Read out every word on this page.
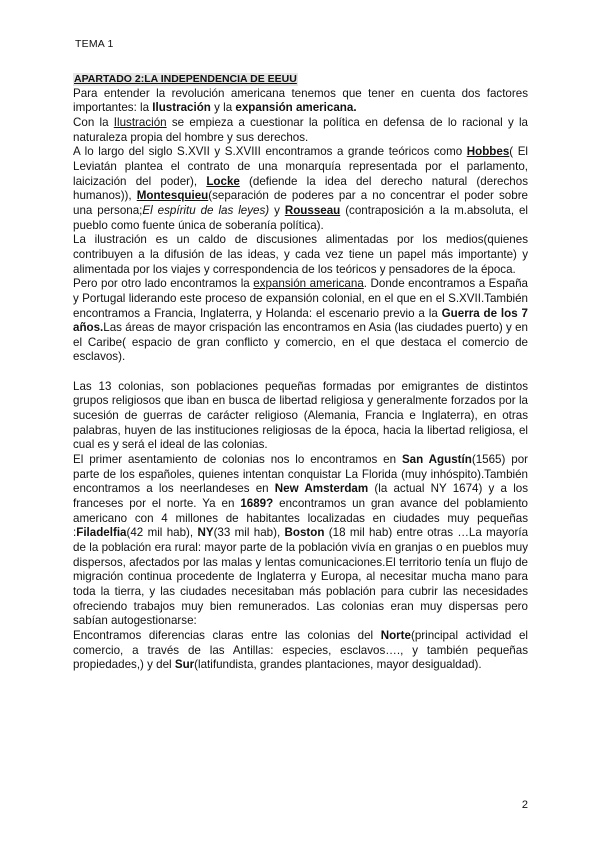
TEMA 1

APARTADO 2:LA INDEPENDENCIA DE EEUU

Para entender la revolución americana tenemos que tener en cuenta dos factores importantes: la Ilustración y la expansión americana.

Con la Ilustración se empieza a cuestionar la política en defensa de lo racional y la naturaleza propia del hombre y sus derechos.

A lo largo del siglo S.XVII y S.XVIII encontramos a grande teóricos como Hobbes( El Leviatán plantea el contrato de una monarquía representada por el parlamento, laicización del poder), Locke (defiende la idea del derecho natural (derechos humanos)), Montesquieu(separación de poderes par a no concentrar el poder sobre una persona;El espíritu de las leyes) y Rousseau (contraposición a la m.absoluta, el pueblo como fuente única de soberanía política).

La ilustración es un caldo de discusiones alimentadas por los medios(quienes contribuyen a la difusión de las ideas, y cada vez tiene un papel más importante) y alimentada por los viajes y correspondencia de los teóricos y pensadores de la época.

Pero por otro lado encontramos la expansión americana. Donde encontramos a España y Portugal liderando este proceso de expansión colonial, en el que en el S.XVII.También encontramos a Francia, Inglaterra, y Holanda: el escenario previo a la Guerra de los 7 años.Las áreas de mayor crispación las encontramos en Asia (las ciudades puerto) y en el Caribe( espacio de gran conflicto y comercio, en el que destaca el comercio de esclavos).

Las 13 colonias, son poblaciones pequeñas formadas por emigrantes de distintos grupos religiosos que iban en busca de libertad religiosa y generalmente forzados por la sucesión de guerras de carácter religioso (Alemania, Francia e Inglaterra), en otras palabras, huyen de las instituciones religiosas de la época, hacia la libertad religiosa, el cual es y será el ideal de las colonias.

El primer asentamiento de colonias nos lo encontramos en San Agustín(1565) por parte de los españoles, quienes intentan conquistar La Florida (muy inhóspito).También encontramos a los neerlandeses en New Amsterdam (la actual NY 1674) y a los franceses por el norte. Ya en 1689? encontramos un gran avance del poblamiento americano con 4 millones de habitantes localizadas en ciudades muy pequeñas :Filadelfia(42 mil hab), NY(33 mil hab), Boston (18 mil hab) entre otras …La mayoría de la población era rural: mayor parte de la población vivía en granjas o en pueblos muy dispersos, afectados por las malas y lentas comunicaciones.El territorio tenía un flujo de migración continua procedente de Inglaterra y Europa, al necesitar mucha mano para toda la tierra, y las ciudades necesitaban más población para cubrir las necesidades ofreciendo trabajos muy bien remunerados. Las colonias eran muy dispersas pero sabían autogestionarse:

Encontramos diferencias claras entre las colonias del Norte(principal actividad el comercio, a través de las Antillas: especies, esclavos…., y también pequeñas propiedades,) y del Sur(latifundista, grandes plantaciones, mayor desigualdad).

2
